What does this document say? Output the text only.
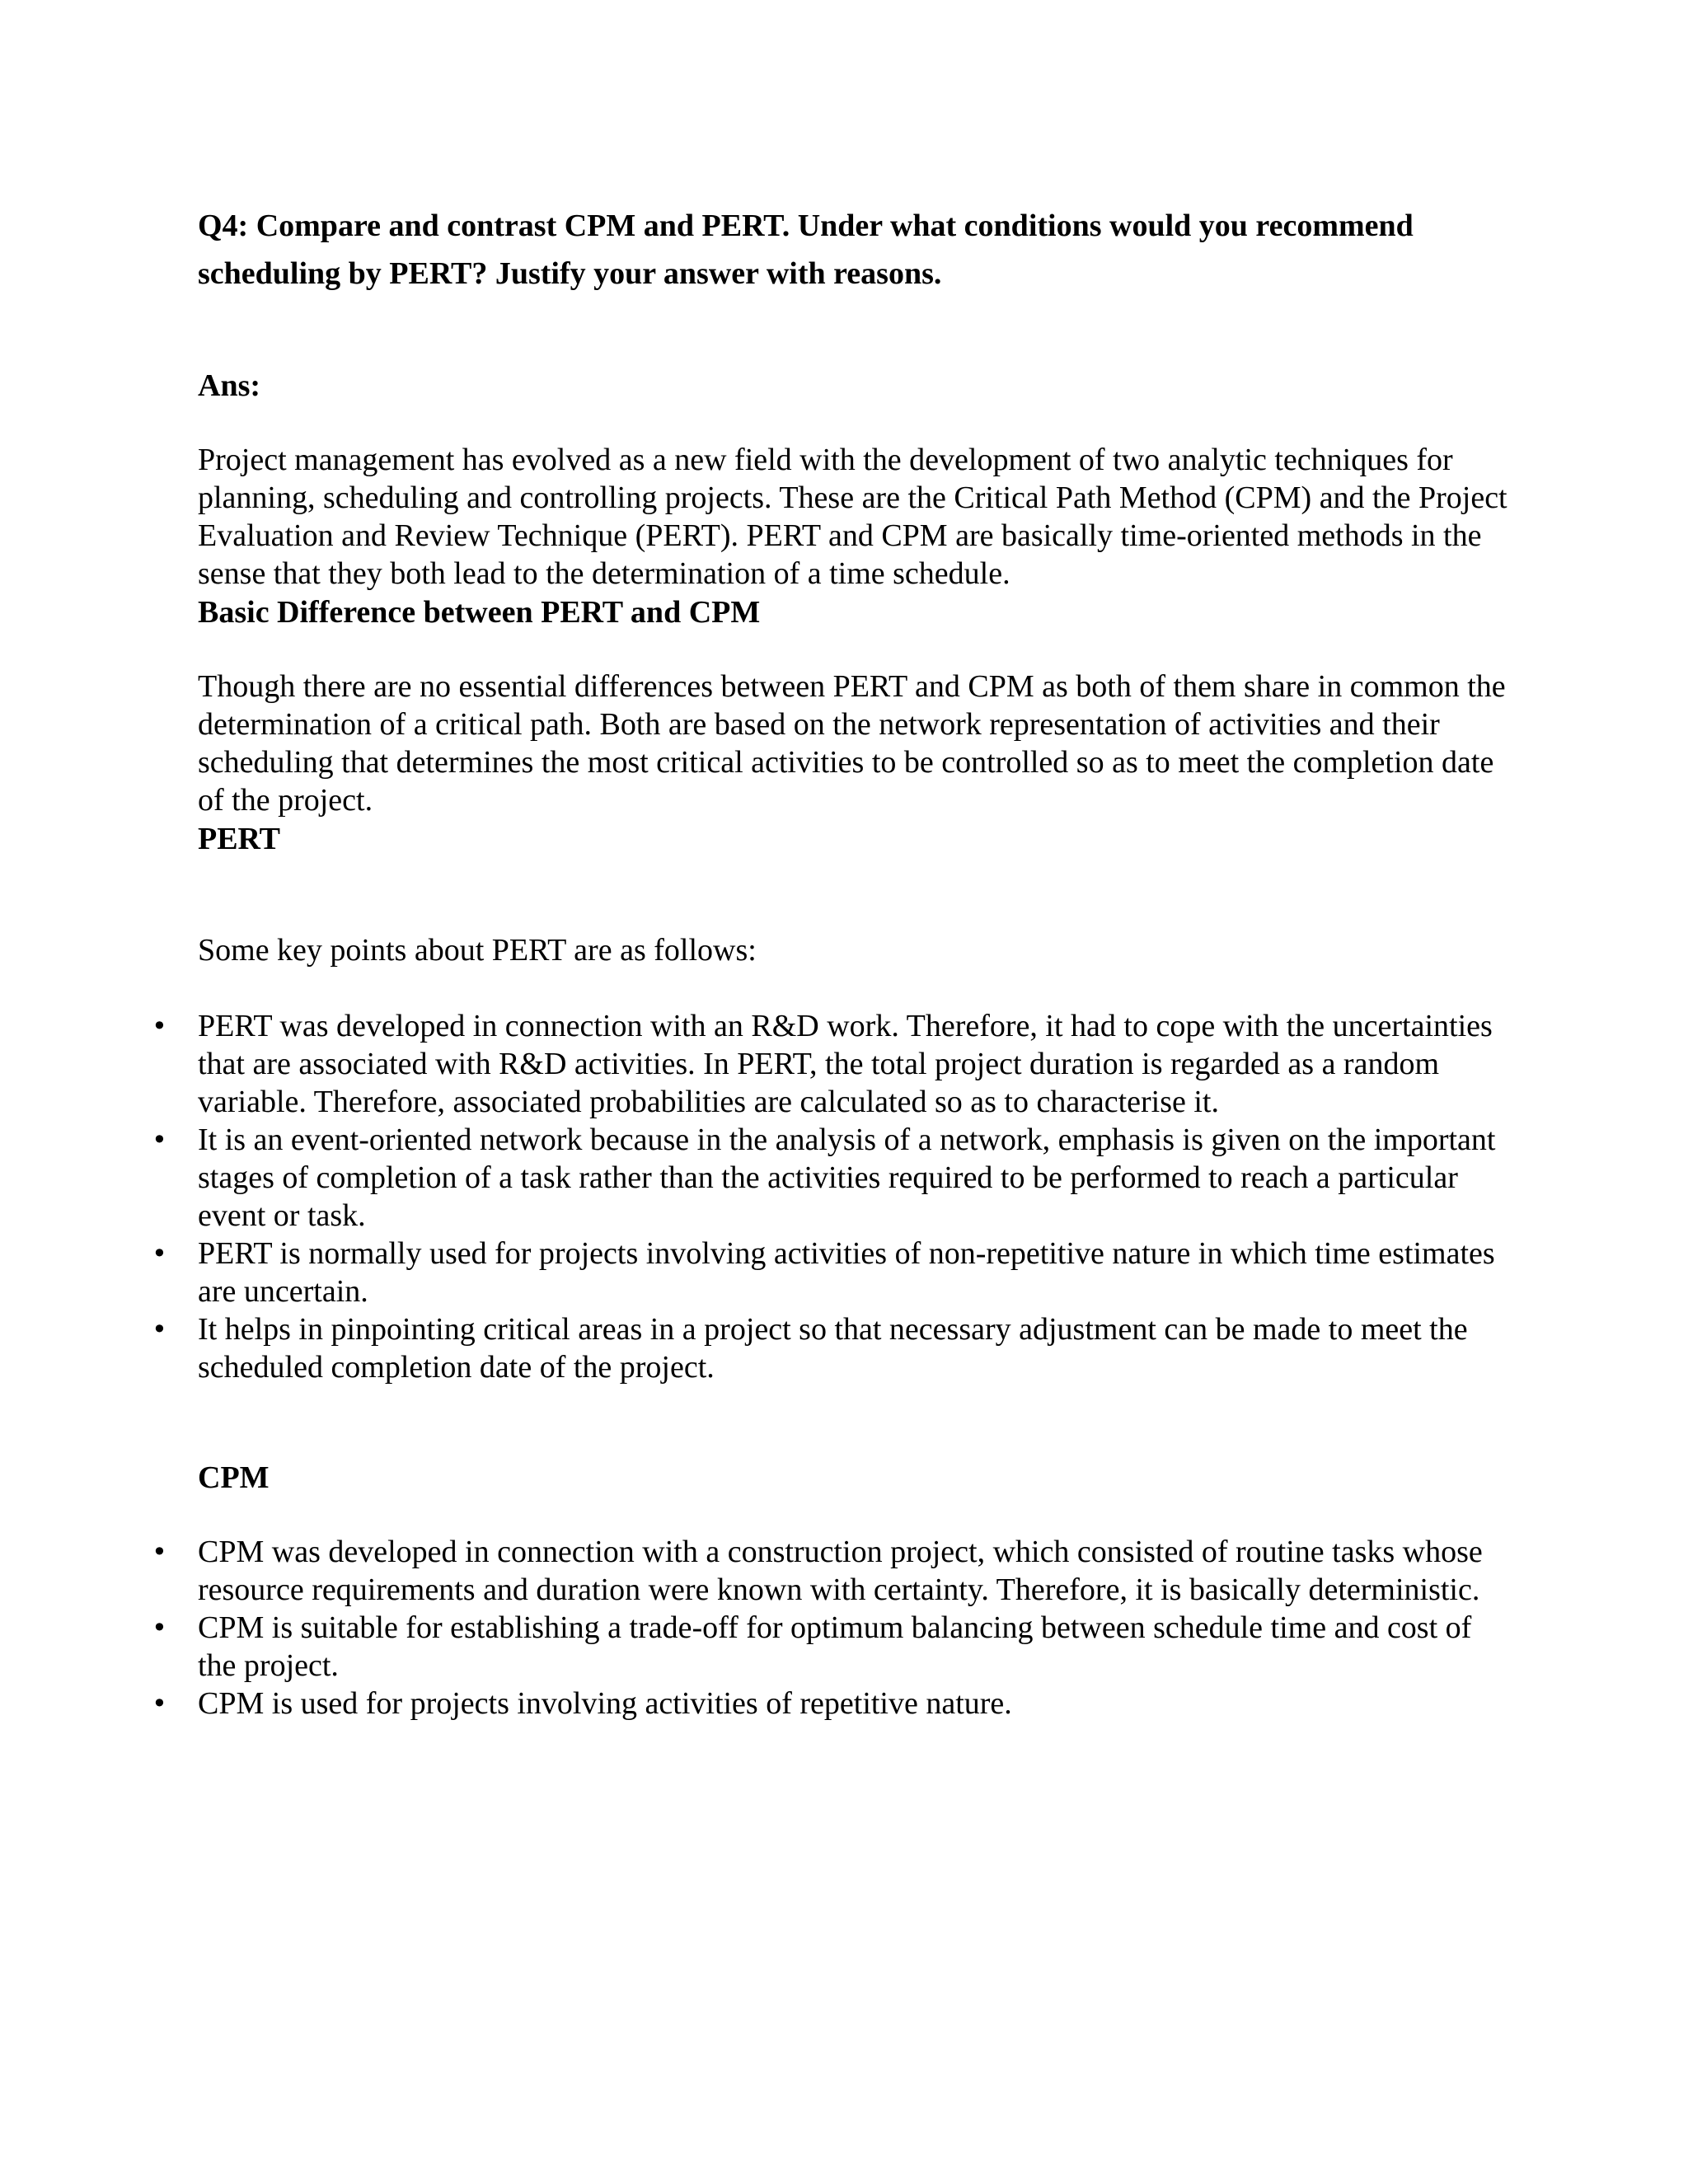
Q4: Compare and contrast CPM and PERT. Under what conditions would you recommend scheduling by PERT? Justify your answer with reasons.

Ans:

Project management has evolved as a new field with the development of two analytic techniques for planning, scheduling and controlling projects. These are the Critical Path Method (CPM) and the Project Evaluation and Review Technique (PERT). PERT and CPM are basically time-oriented methods in the sense that they both lead to the determination of a time schedule.

Basic Difference between PERT and CPM

Though there are no essential differences between PERT and CPM as both of them share in common the determination of a critical path. Both are based on the network representation of activities and their scheduling that determines the most critical activities to be controlled so as to meet the completion date of the project.

PERT

Some key points about PERT are as follows:

• PERT was developed in connection with an R&D work. Therefore, it had to cope with the uncertainties that are associated with R&D activities. In PERT, the total project duration is regarded as a random variable. Therefore, associated probabilities are calculated so as to characterise it.
• It is an event-oriented network because in the analysis of a network, emphasis is given on the important stages of completion of a task rather than the activities required to be performed to reach a particular event or task.
• PERT is normally used for projects involving activities of non-repetitive nature in which time estimates are uncertain.
• It helps in pinpointing critical areas in a project so that necessary adjustment can be made to meet the scheduled completion date of the project.

CPM

• CPM was developed in connection with a construction project, which consisted of routine tasks whose resource requirements and duration were known with certainty. Therefore, it is basically deterministic.
• CPM is suitable for establishing a trade-off for optimum balancing between schedule time and cost of the project.
• CPM is used for projects involving activities of repetitive nature.
